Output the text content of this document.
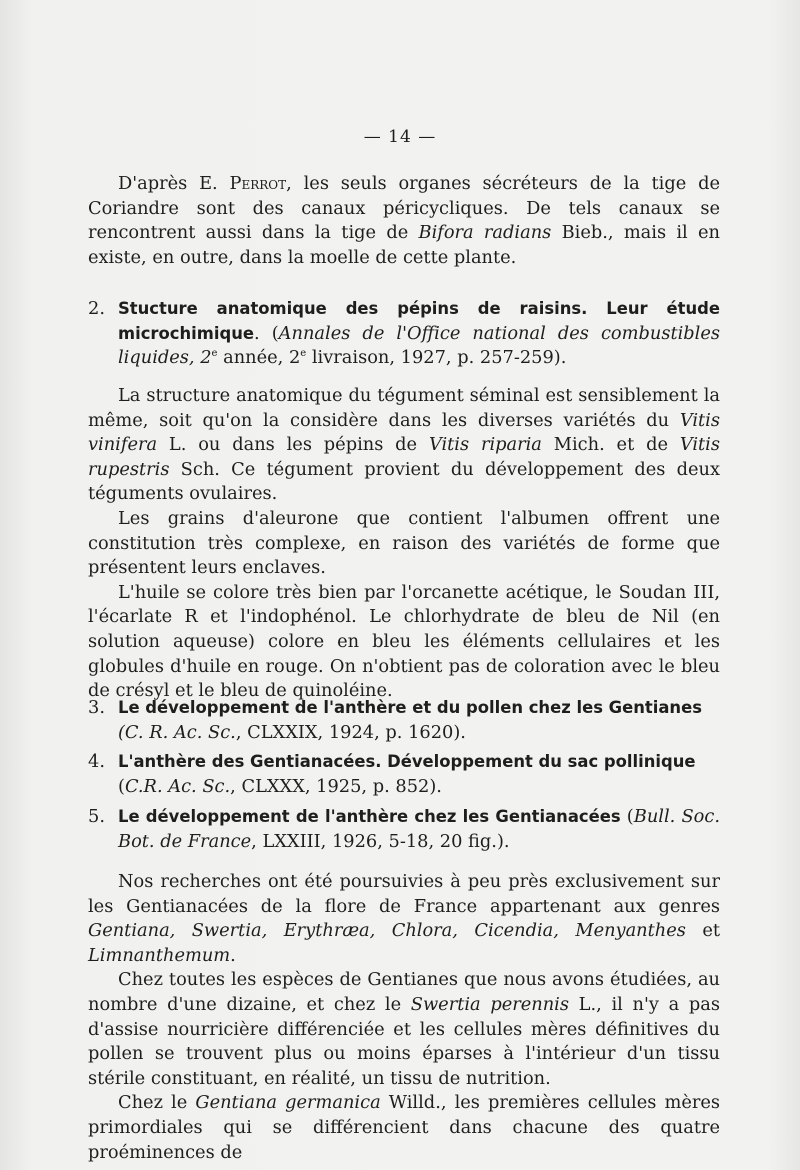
— 14 —

D'après E. Perrot, les seuls organes sécréteurs de la tige de Coriandre sont des canaux péricycliques. De tels canaux se rencontrent aussi dans la tige de Bifora radians Bieb., mais il en existe, en outre, dans la moelle de cette plante.

2. Stucture anatomique des pépins de raisins. Leur étude microchimique. (Annales de l'Office national des combustibles liquides, 2e année, 2e livraison, 1927, p. 257-259).

La structure anatomique du tégument séminal est sensiblement la même, soit qu'on la considère dans les diverses variétés du Vitis vinifera L. ou dans les pépins de Vitis riparia Mich. et de Vitis rupestris Sch. Ce tégument provient du développement des deux téguments ovulaires.

Les grains d'aleurone que contient l'albumen offrent une constitution très complexe, en raison des variétés de forme que présentent leurs enclaves.

L'huile se colore très bien par l'orcanette acétique, le Soudan III, l'écarlate R et l'indophénol. Le chlorhydrate de bleu de Nil (en solution aqueuse) colore en bleu les éléments cellulaires et les globules d'huile en rouge. On n'obtient pas de coloration avec le bleu de crésyl et le bleu de quinoléine.

3. Le développement de l'anthère et du pollen chez les Gentianes
(C. R. Ac. Sc., CLXXIX, 1924, p. 1620).
4. L'anthère des Gentianacées. Développement du sac pollinique
(C.R. Ac. Sc., CLXXX, 1925, p. 852).
5. Le développement de l'anthère chez les Gentianacées (Bull. Soc. Bot. de France, LXXIII, 1926, 5-18, 20 fig.).

Nos recherches ont été poursuivies à peu près exclusivement sur les Gentianacées de la flore de France appartenant aux genres Gentiana, Swertia, Erythræa, Chlora, Cicendia, Menyanthes et Limnanthemum.

Chez toutes les espèces de Gentianes que nous avons étudiées, au nombre d'une dizaine, et chez le Swertia perennis L., il n'y a pas d'assise nourricière différenciée et les cellules mères définitives du pollen se trouvent plus ou moins éparses à l'intérieur d'un tissu stérile constituant, en réalité, un tissu de nutrition.

Chez le Gentiana germanica Willd., les premières cellules mères primordiales qui se différencient dans chacune des quatre proéminences de
